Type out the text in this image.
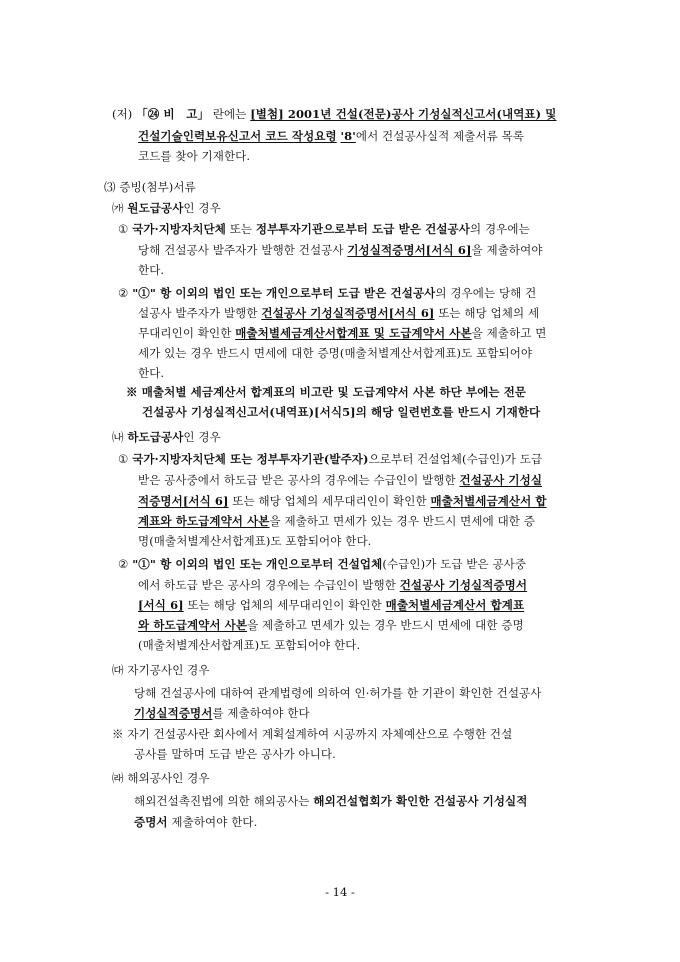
(저) 「㉔ 비　고」 란에는 [별첨] 2001년 건설(전문)공사 기성실적신고서(내역표) 및
건설기술인력보유신고서 코드 작성요령 '8'에서 건설공사실적 제출서류 목록
코드를 찾아 기재한다.
⑶ 증빙(첨부)서류
㈎ 원도급공사인 경우
① 국가·지방자치단체 또는 정부투자기관으로부터 도급 받은 건설공사의 경우에는
당해 건설공사 발주자가 발행한 건설공사 기성실적증명서[서식 6]을 제출하여야
한다.
② "①" 항 이외의 법인 또는 개인으로부터 도급 받은 건설공사의 경우에는 당해 건
설공사 발주자가 발행한 건설공사 기성실적증명서[서식 6] 또는 해당 업체의 세
무대리인이 확인한 매출처별세금계산서합계표 및 도급계약서 사본을 제출하고 면
세가 있는 경우 반드시 면세에 대한 증명(매출처별계산서합계표)도 포함되어야
한다.
※ 매출처별 세금계산서 합계표의 비고란 및 도급계약서 사본 하단 부에는 전문
건설공사 기성실적신고서(내역표)[서식5]의 해당 일련번호를 반드시 기재한다
㈏ 하도급공사인 경우
① 국가·지방자치단체 또는 정부투자기관(발주자)으로부터 건설업체(수급인)가 도급
받은 공사중에서 하도급 받은 공사의 경우에는 수급인이 발행한 건설공사 기성실
적증명서[서식 6] 또는 해당 업체의 세무대리인이 확인한 매출처별세금계산서 합
계표와 하도급계약서 사본을 제출하고 면세가 있는 경우 반드시 면세에 대한 증
명(매출처별계산서합계표)도 포함되어야 한다.
② "①" 항 이외의 법인 또는 개인으로부터 건설업체(수급인)가 도급 받은 공사중
에서 하도급 받은 공사의 경우에는 수급인이 발행한 건설공사 기성실적증명서
[서식 6] 또는 해당 업체의 세무대리인이 확인한 매출처별세금계산서 합계표
와 하도급계약서 사본을 제출하고 면세가 있는 경우 반드시 면세에 대한 증명
(매출처별계산서합계표)도 포함되어야 한다.
㈐ 자기공사인 경우
당해 건설공사에 대하여 관계법령에 의하여 인·허가를 한 기관이 확인한 건설공사
기성실적증명서를 제출하여야 한다
※ 자기 건설공사란 회사에서 계획설계하여 시공까지 자체예산으로 수행한 건설
공사를 말하며 도급 받은 공사가 아니다.
㈑ 해외공사인 경우
해외건설촉진법에 의한 해외공사는 해외건설협회가 확인한 건설공사 기성실적
증명서 제출하여야 한다.
- 14 -
